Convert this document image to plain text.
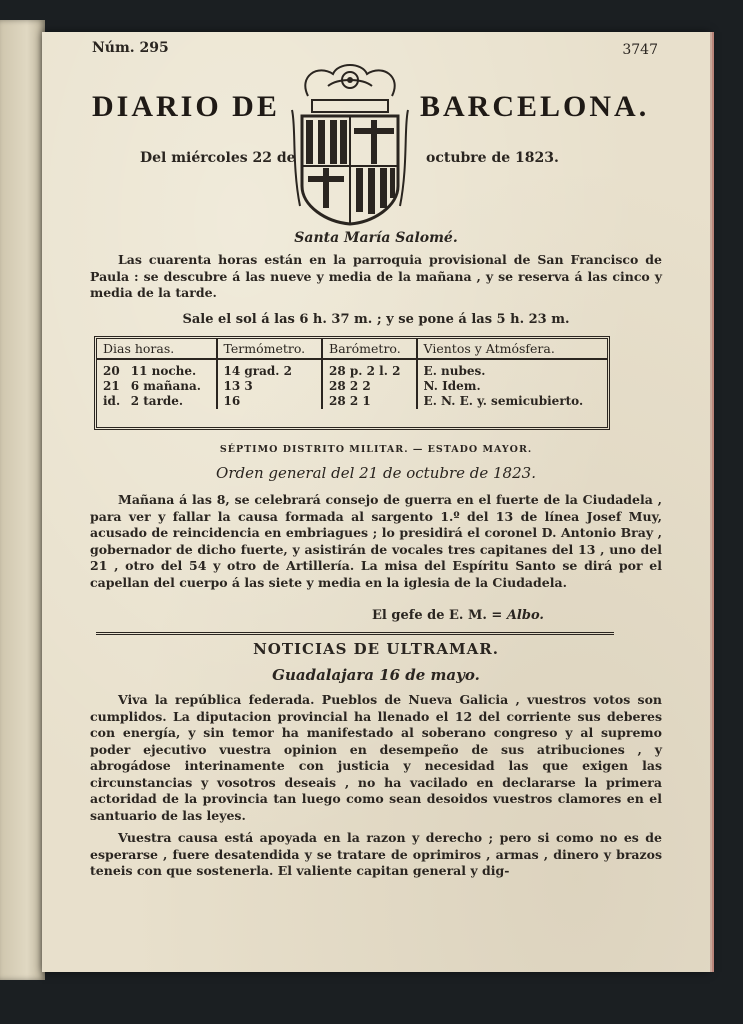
Núm. 295	3747
DIARIO DE	BARCELONA.
Del miércoles 22 de	octubre de 1823.
Santa María Salomé.
Las cuarenta horas están en la parroquia provisional de San Francisco de Paula : se descubre á las nueve y media de la mañana , y se reserva á las cinco y media de la tarde.
Sale el sol á las 6 h. 37 m. ; y se pone á las 5 h. 23 m.
Dias horas.		Termómetro.	Barómetro.	Vientos y Atmósfera.
20	11 noche.	14 grad. 2	28 p. 2 l. 2	E. nubes.
21	6 mañana.	13 3	28 2 2	N. Idem.
id.	2 tarde.	16	28 2 1	E. N. E. y. semicubierto.
SÉPTIMO DISTRITO MILITAR. — ESTADO MAYOR.
Orden general del 21 de octubre de 1823.
Mañana á las 8, se celebrará consejo de guerra en el fuerte de la Ciudadela , para ver y fallar la causa formada al sargento 1.º del 13 de línea Josef Muy, acusado de reincidencia en embriagues ; lo presidirá el coronel D. Antonio Bray , gobernador de dicho fuerte, y asistirán de vocales tres capitanes del 13 , uno del 21 , otro del 54 y otro de Artillería. La misa del Espíritu Santo se dirá por el capellan del cuerpo á las siete y media en la iglesia de la Ciudadela.
El gefe de E. M. = Albo.
NOTICIAS DE ULTRAMAR.
Guadalajara 16 de mayo.
Viva la república federada. Pueblos de Nueva Galicia , vuestros votos son cumplidos. La diputacion provincial ha llenado el 12 del corriente sus deberes con energía, y sin temor ha manifestado al soberano congreso y al supremo poder ejecutivo vuestra opinion en desempeño de sus atribuciones , y abrogádose interinamente con justicia y necesidad las que exigen las circunstancias y vosotros deseais , no ha vacilado en declararse la primera actoridad de la provincia tan luego como sean desoidos vuestros clamores en el santuario de las leyes.
Vuestra causa está apoyada en la razon y derecho ; pero si como no es de esperarse , fuere desatendida y se tratare de oprimiros , armas , dinero y brazos teneis con que sostenerla. El valiente capitan general y dig-
